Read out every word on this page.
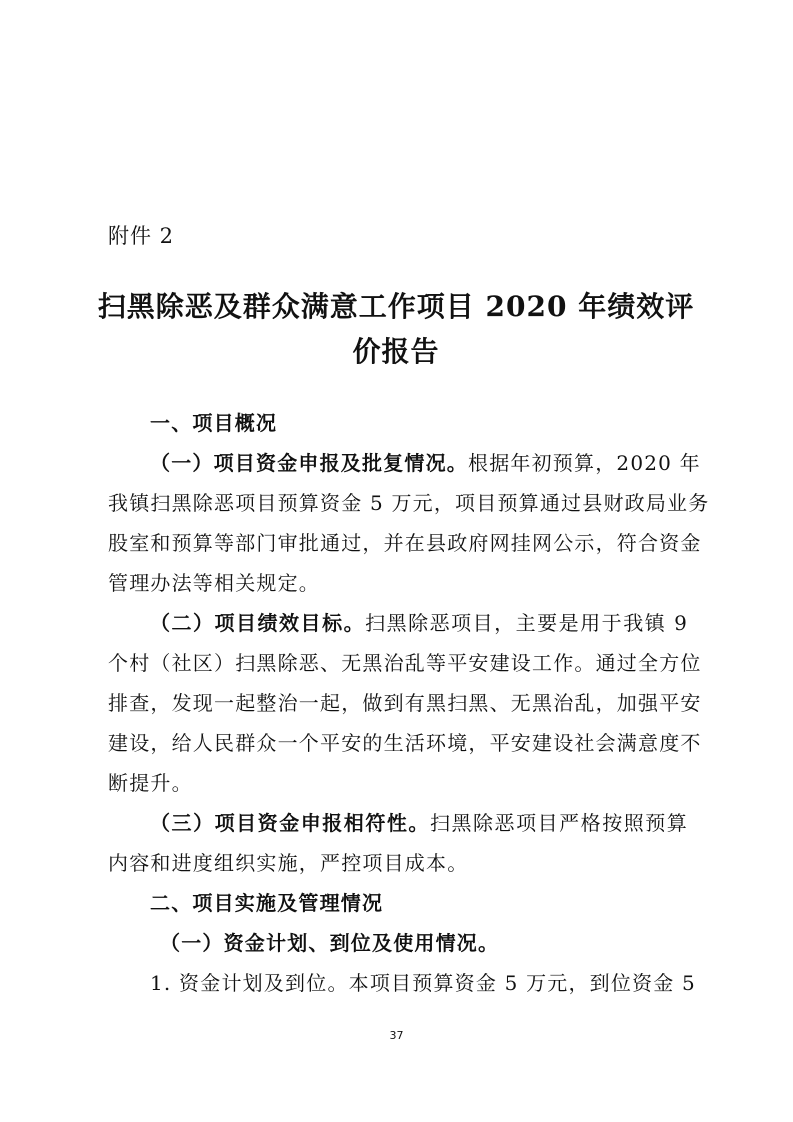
附件 2
扫黑除恶及群众满意工作项目 2020 年绩效评
价报告
一、项目概况
（一）项目资金申报及批复情况。根据年初预算，2020 年
我镇扫黑除恶项目预算资金 5 万元，项目预算通过县财政局业务
股室和预算等部门审批通过，并在县政府网挂网公示，符合资金
管理办法等相关规定。
（二）项目绩效目标。扫黑除恶项目，主要是用于我镇 9
个村（社区）扫黑除恶、无黑治乱等平安建设工作。通过全方位
排查，发现一起整治一起，做到有黑扫黑、无黑治乱，加强平安
建设，给人民群众一个平安的生活环境，平安建设社会满意度不
断提升。
（三）项目资金申报相符性。扫黑除恶项目严格按照预算
内容和进度组织实施，严控项目成本。
二、项目实施及管理情况
（一）资金计划、到位及使用情况。
1. 资金计划及到位。本项目预算资金 5 万元，到位资金 5
37
